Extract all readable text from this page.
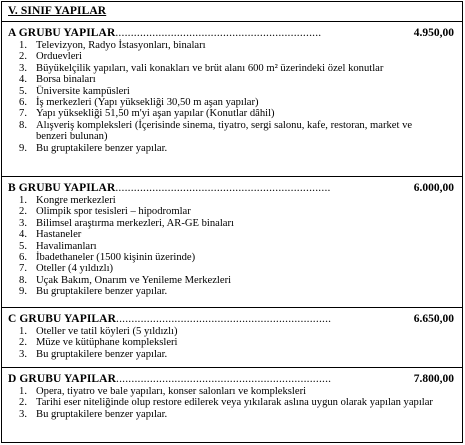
V. SINIF YAPILAR
A GRUBU YAPILAR...................................................................	4.950,00
1. Televizyon, Radyo İstasyonları, binaları
2. Orduevleri
3. Büyükelçilik yapıları, vali konakları ve brüt alanı 600 m² üzerindeki özel konutlar
4. Borsa binaları
5. Üniversite kampüsleri
6. İş merkezleri (Yapı yüksekliği 30,50 m aşan yapılar)
7. Yapı yüksekliği 51,50 m'yi aşan yapılar (Konutlar dâhil)
8. Alışveriş kompleksleri (İçerisinde sinema, tiyatro, sergi salonu, kafe, restoran, market ve benzeri bulunan)
9. Bu gruptakilere benzer yapılar.
B GRUBU YAPILAR......................................................................	6.000,00
1. Kongre merkezleri
2. Olimpik spor tesisleri – hipodromlar
3. Bilimsel araştırma merkezleri, AR-GE binaları
4. Hastaneler
5. Havalimanları
6. İbadethaneler (1500 kişinin üzerinde)
7. Oteller (4 yıldızlı)
8. Uçak Bakım, Onarım ve Yenileme Merkezleri
9. Bu gruptakilere benzer yapılar.
C GRUBU YAPILAR......................................................................	6.650,00
1. Oteller ve tatil köyleri (5 yıldızlı)
2. Müze ve kütüphane kompleksleri
3. Bu gruptakilere benzer yapılar.
D GRUBU YAPILAR......................................................................	7.800,00
1. Opera, tiyatro ve bale yapıları, konser salonları ve kompleksleri
2. Tarihi eser niteliğinde olup restore edilerek veya yıkılarak aslına uygun olarak yapılan yapılar
3. Bu gruptakilere benzer yapılar.
